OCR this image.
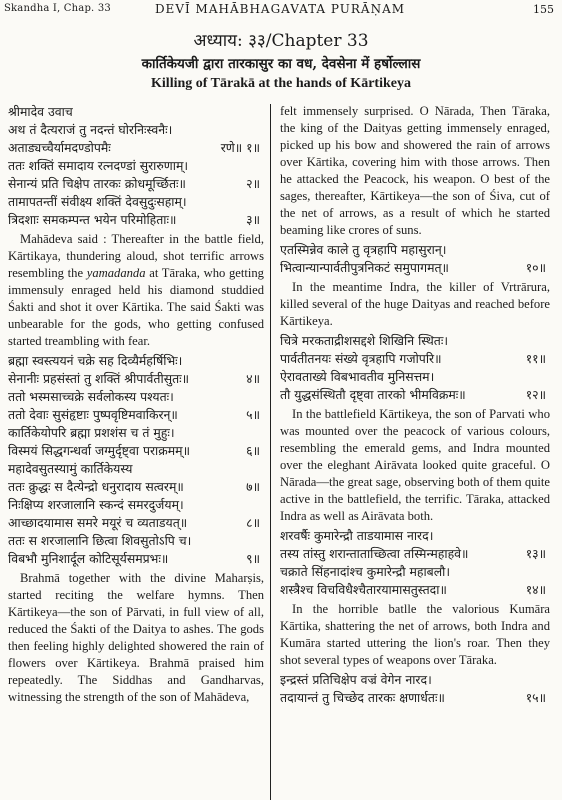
Skandha I, Chap. 33	DEVĪ MAHĀBHAGAVATA PURĀṆAM	155
अध्याय: ३३/Chapter 33
कार्तिकेयजी द्वारा तारकासुर का वध, देवसेना में हर्षोल्लास
Killing of Tārakā at the hands of Kārtikeya
श्रीमादेव उवाच
अथ तं दैत्यराजं तु नदन्तं घोरनिःस्वनैः।
अताड्यच्चैर्यामदण्डोपमैः	रणे॥ १॥
ततः शक्तिं समादाय रत्नदण्डां सुरारुणाम्।
सेनान्यं प्रति चिक्षेप तारकः क्रोधमूर्च्छितः॥	२॥
तामापतन्तीं संवीक्ष्य शक्तिं देवसुदुःसहाम्।
त्रिदशाः समकम्पन्त भयेन परिमोहिताः॥	३॥

Mahādeva said : Thereafter in the battle field, Kārtikaya, thundering aloud, shot terrific arrows resembling the yamadanda at Tāraka, who getting immensuly enraged held his diamond studdied Śakti and shot it over Kārtika. The said Śakti was unbearable for the gods, who getting confused started treambling with fear.

ब्रह्मा स्वस्त्ययनं चक्रे सह दिव्यैर्महर्षिभिः।
सेनानीः प्रहसंस्तां तु शक्तिं श्रीपार्वतीसुतः॥	४॥
ततो भस्मसाच्चक्रे सर्वलोकस्य पश्यतः।
ततो देवाः सुसंहृष्टाः पुष्पवृष्टिमवाकिरन्॥	५॥
कार्तिकेयोपरि ब्रह्मा प्रशशंस च तं मुहुः।
विस्मयं सिद्धगन्धर्वा जग्मुर्दृष्ट्वा पराक्रमम्॥	६॥
महादेवसुतस्यामुं कार्तिकेयस्य
ततः क्रुद्धः स दैत्येन्द्रो धनुरादाय सत्वरम्॥	७॥
निःक्षिप्य शरजालानि स्कन्दं समरदुर्जयम्।
आच्छादयामास समरे मयूरं च व्यताडयत्॥	८॥
ततः स शरजालानि छित्वा शिवसुतोऽपि च।
विबभौ मुनिशार्दूल कोटिसूर्यसमप्रभः॥	९॥

Brahmā together with the divine Maharṣis, started reciting the welfare hymns. Then Kārtikeya—the son of Pārvati, in full view of all, reduced the Śakti of the Daitya to ashes. The gods then feeling highly delighted showered the rain of flowers over Kārtikeya. Brahmā praised him repeatedly. The Siddhas and Gandharvas, witnessing the strength of the son of Mahādeva,

felt immensely surprised. O Nārada, Then Tāraka, the king of the Daityas getting immensely enraged, picked up his bow and showered the rain of arrows over Kārtika, covering him with those arrows. Then he attacked the Peacock, his weapon. O best of the sages, thereafter, Kārtikeya—the son of Śiva, cut of the net of arrows, as a result of which he started beaming like crores of suns.

एतस्मिन्नेव काले तु वृत्रहापि महासुरान्।
भित्वान्यान्पार्वतीपुत्रनिकटं समुपागमत्॥	१०॥

In the meantime Indra, the killer of Vrtrārura, killed several of the huge Daityas and reached before Kārtikeya.

चित्रे मरकताद्रीशसद्दशे शिखिनि स्थितः।
पार्वतीतनयः संख्ये वृत्रहापि गजोपरि॥	११॥
ऐरावताख्ये विबभावतीव मुनिसत्तम।
तौ युद्धसंस्थितौ दृष्ट्वा तारको भीमविक्रमः॥	१२॥

In the battlefield Kārtikeya, the son of Parvati who was mounted over the peacock of various colours, resembling the emerald gems, and Indra mounted over the eleghant Airāvata looked quite graceful. O Nārada—the great sage, observing both of them quite active in the battlefield, the terrific. Tāraka, attacked Indra as well as Airāvata both.

शरवर्षैः कुमारेन्द्रौ ताडयामास नारद।
तस्य तांस्तु शरान्ताताच्छित्वा तस्मिन्महाहवे॥	१३॥
चक्राते सिंहनादांश्च कुमारेन्द्रौ महाबलौ।
शस्त्रैश्च विचविधैश्चैतारयामासतुस्तदा॥	१४॥

In the horrible batlle the valorious Kumāra Kārtika, shattering the net of arrows, both Indra and Kumāra started uttering the lion's roar. Then they shot several types of weapons over Tāraka.

इन्द्रस्तं प्रतिचिक्षेप वज्रं वेगेन नारद।
तदायान्तं तु चिच्छेद तारकः क्षणार्धतः॥	१५॥
